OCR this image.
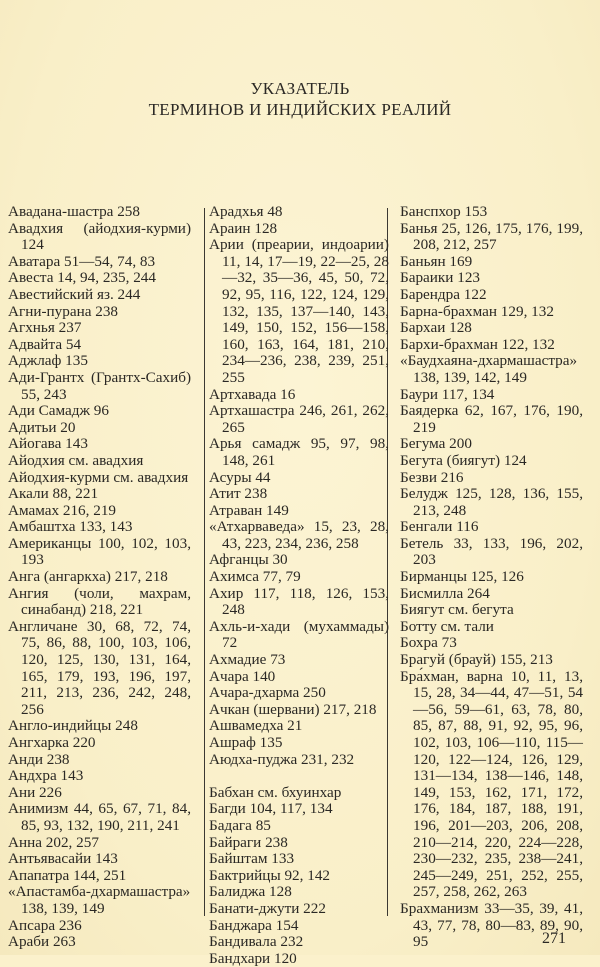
УКАЗАТЕЛЬ
ТЕРМИНОВ И ИНДИЙСКИХ РЕАЛИЙ
Авадана-шастра 258
Авадхия (айодхия-курми) 124
Аватара 51—54, 74, 83
Авеста 14, 94, 235, 244
Авестийский яз. 244
Агни-пурана 238
Агхнья 237
Адвайта 54
Аджлаф 135
Ади-Грантх (Грантх-Сахиб) 55, 243
Ади Самадж 96
Адитьи 20
Айогава 143
Айодхия см. авадхия
Айодхия-курми см. авадхия
Акали 88, 221
Амамах 216, 219
Амбаштха 133, 143
Американцы 100, 102, 103, 193
Анга (ангаркха) 217, 218
Ангия (чоли, махрам, синабанд) 218, 221
Англичане 30, 68, 72, 74, 75, 86, 88, 100, 103, 106, 120, 125, 130, 131, 164, 165, 179, 193, 196, 197, 211, 213, 236, 242, 248, 256
Англо-индийцы 248
Ангхарка 220
Анди 238
Андхра 143
Ани 226
Анимизм 44, 65, 67, 71, 84, 85, 93, 132, 190, 211, 241
Анна 202, 257
Антьявасайи 143
Апапатра 144, 251
«Апастамба-дхармашастра» 138, 139, 149
Апсара 236
Араби 263
Арадхья 48
Араин 128
Арии (преарии, индоарии) 11, 14, 17—19, 22—25, 28—32, 35—36, 45, 50, 72, 92, 95, 116, 122, 124, 129, 132, 135, 137—140, 143, 149, 150, 152, 156—158, 160, 163, 164, 181, 210, 234—236, 238, 239, 251, 255
Артхавада 16
Артхашастра 246, 261, 262, 265
Арья самадж 95, 97, 98, 148, 261
Асуры 44
Атит 238
Атраван 149
«Атхарваведа» 15, 23, 28, 43, 223, 234, 236, 258
Афганцы 30
Ахимса 77, 79
Ахир 117, 118, 126, 153, 248
Ахль-и-хади (мухаммады) 72
Ахмадие 73
Ачара 140
Ачара-дхарма 250
Ачкан (шервани) 217, 218
Ашвамедха 21
Ашраф 135
Аюдха-пуджа 231, 232
Бабхан см. бхуинхар
Багди 104, 117, 134
Бадага 85
Байраги 238
Байштам 133
Бактрийцы 92, 142
Балиджа 128
Банати-джути 222
Банджара 154
Бандивала 232
Бандхари 120
Банспхор 153
Банья 25, 126, 175, 176, 199, 208, 212, 257
Баньян 169
Бараики 123
Барендра 122
Барна-брахман 129, 132
Бархаи 128
Бархи-брахман 122, 132
«Баудхаяна-дхармашастра» 138, 139, 142, 149
Баури 117, 134
Баядерка 62, 167, 176, 190, 219
Бегума 200
Бегута (биягут) 124
Безви 216
Белудж 125, 128, 136, 155, 213, 248
Бенгали 116
Бетель 33, 133, 196, 202, 203
Бирманцы 125, 126
Бисмилла 264
Биягут см. бегута
Ботту см. тали
Бохра 73
Брагуй (брауй) 155, 213
Бра́хман, варна 10, 11, 13, 15, 28, 34—44, 47—51, 54—56, 59—61, 63, 78, 80, 85, 87, 88, 91, 92, 95, 96, 102, 103, 106—110, 115—120, 122—124, 126, 129, 131—134, 138—146, 148, 149, 153, 162, 171, 172, 176, 184, 187, 188, 191, 196, 201—203, 206, 208, 210—214, 220, 224—228, 230—232, 235, 238—241, 245—249, 251, 252, 255, 257, 258, 262, 263
Брахманизм 33—35, 39, 41, 43, 77, 78, 80—83, 89, 90, 95	271
